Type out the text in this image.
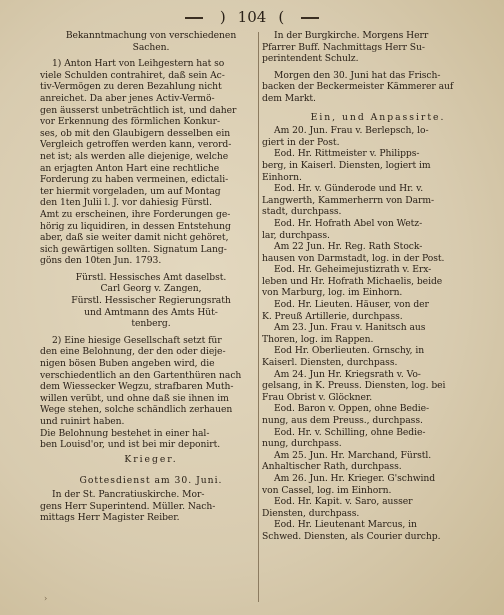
) 104 (
Bekanntmachung von verschiedenen
Sachen.
1) Anton Hart von Leihgestern hat so
viele Schulden contrahiret, daß sein Ac-
tiv-Vermögen zu deren Bezahlung nicht
anreichet. Da aber jenes Activ-Vermö-
gen äusserst unbeträchtlich ist, und daher
vor Erkennung des förmlichen Konkur-
ses, ob mit den Glaubigern desselben ein
Vergleich getroffen werden kann, verord-
net ist; als werden alle diejenige, welche
an erjagten Anton Hart eine rechtliche
Forderung zu haben vermeinen, edictali-
ter hiermit vorgeladen, um auf Montag
den 1ten Julii l. J. vor dahiesig Fürstl.
Amt zu erscheinen, ihre Forderungen ge-
hörig zu liquidiren, in dessen Entstehung
aber, daß sie weiter damit nicht gehöret,
sich gewärtigen sollten. Signatum Lang-
göns den 10ten Jun. 1793.
Fürstl. Hessisches Amt daselbst.
Carl Georg v. Zangen,
Fürstl. Hessischer Regierungsrath
und Amtmann des Amts Hüt-
tenberg.
2) Eine hiesige Gesellschaft setzt für
den eine Belohnung, der den oder dieje-
nigen bösen Buben angeben wird, die
verschiedentlich an den Gartenthüren nach
dem Wiessecker Wegzu, strafbaren Muth-
willen verübt, und ohne daß sie ihnen im
Wege stehen, solche schändlich zerhauen
und ruinirt haben.
Die Belohnung bestehet in einer hal-
ben Louisd'or, und ist bei mir deponirt.
Krieger.
Gottesdienst am 30. Juni.
In der St. Pancratiuskirche. Mor-
gens Herr Superintend. Müller. Nach-
mittags Herr Magister Reiber.
In der Burgkirche. Morgens Herr
Pfarrer Buff. Nachmittags Herr Su-
perintendent Schulz.
Morgen den 30. Juni hat das Frisch-
backen der Beckermeister Kämmerer auf
dem Markt.
Ein, und Anpassirte.
Am 20. Jun. Frau v. Berlepsch, lo-
giert in der Post.
Eod. Hr. Rittmeister v. Philipps-
berg, in Kaiserl. Diensten, logiert im
Einhorn.
Eod. Hr. v. Günderode und Hr. v.
Langwerth, Kammerherrn von Darm-
stadt, durchpass.
Eod. Hr. Hofrath Abel von Wetz-
lar, durchpass.
Am 22 Jun. Hr. Reg. Rath Stock-
hausen von Darmstadt, log. in der Post.
Eod. Hr. Geheimejustizrath v. Erx-
leben und Hr. Hofrath Michaelis, beide
von Marburg, log. im Einhorn.
Eod. Hr. Lieuten. Häuser, von der
K. Preuß Artillerie, durchpass.
Am 23. Jun. Frau v. Hanitsch aus
Thoren, log. im Rappen.
Eod Hr. Oberlieuten. Grnschy, in
Kaiserl. Diensten, durchpass.
Am 24. Jun Hr. Kriegsrath v. Vo-
gelsang, in K. Preuss. Diensten, log. bei
Frau Obrist v. Glöckner.
Eod. Baron v. Oppen, ohne Bedie-
nung, aus dem Preuss., durchpass.
Eod. Hr. v. Schilling, ohne Bedie-
nung, durchpass.
Am 25. Jun. Hr. Marchand, Fürstl.
Anhaltischer Rath, durchpass.
Am 26. Jun. Hr. Krieger. G'schwind
von Cassel, log. im Einhorn.
Eod. Hr. Kapit. v. Saro, ausser
Diensten, durchpass.
Eod. Hr. Lieutenant Marcus, in
Schwed. Diensten, als Courier durchp.
›
